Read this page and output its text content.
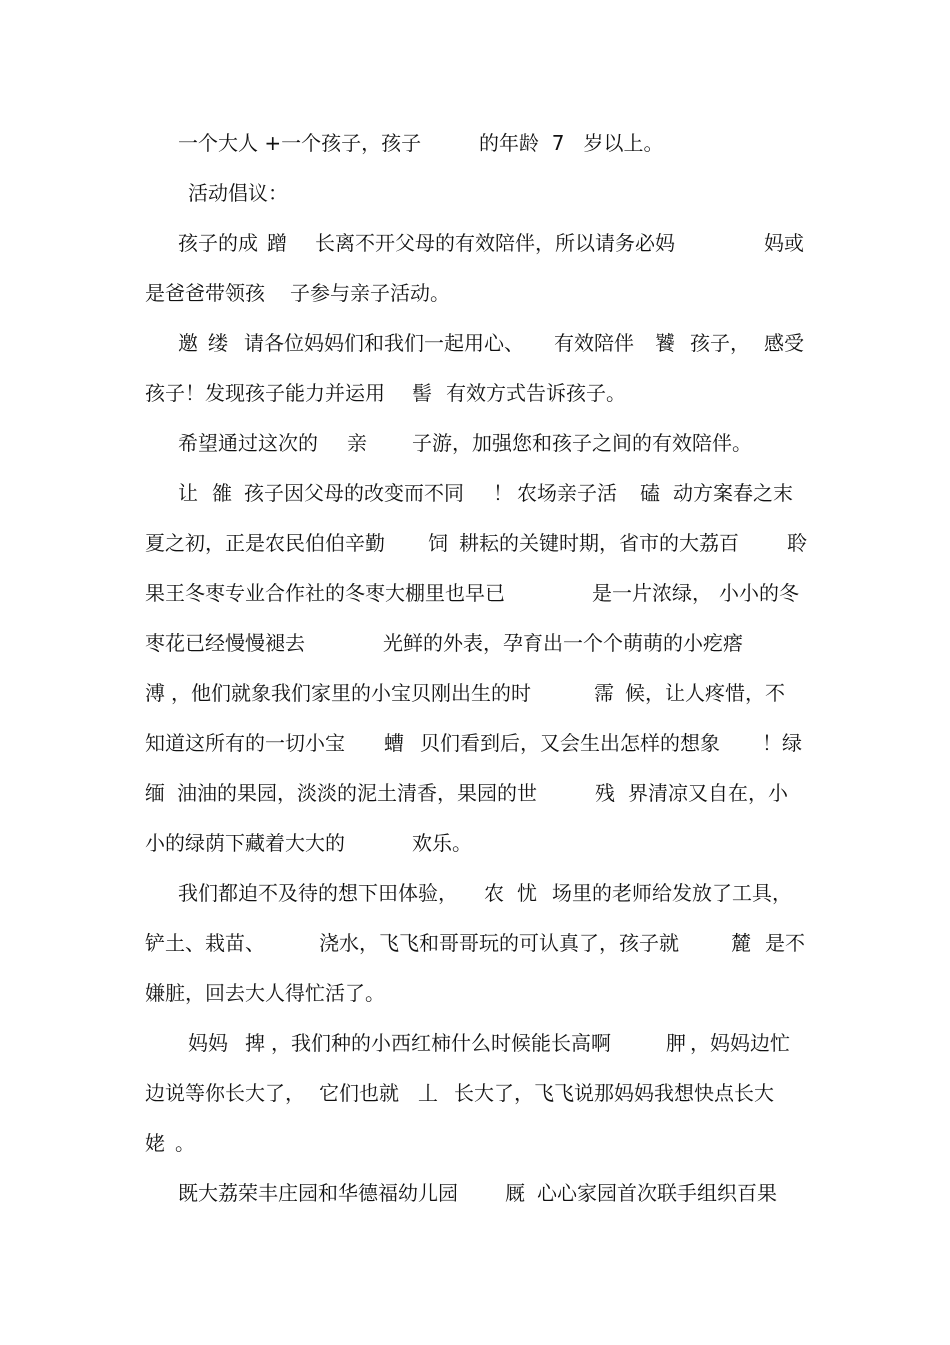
一个大人 +一个孩子，孩子	的年龄  7   岁以上。
活动倡议：
孩子的成 蹭 长离不开父母的有效陪伴，所以请务必妈	妈或
是爸爸带领孩 子参与亲子活动。
邀 缕 请各位妈妈们和我们一起用心、 有效陪伴 饕 孩子， 感受
孩子！发现孩子能力并运用 髻 有效方式告诉孩子。
希望通过这次的 亲 子游，加强您和孩子之间的有效陪伴。
让 雒 孩子因父母的改变而不同 ！ 农场亲子活 磕 动方案春之末
夏之初，正是农民伯伯辛勤 饲 耕耘的关键时期，省市的大荔百 聆
果王冬枣专业合作社的冬枣大棚里也早已	是一片浓绿， 小小的冬
枣花已经慢慢褪去	光鲜的外表，孕育出一个个萌萌的小疙瘩
溥 ，他们就象我们家里的小宝贝刚出生的时	霈 候，让人疼惜，不
知道这所有的一切小宝 螬 贝们看到后，又会生出怎样的想象 ！绿
缅 油油的果园，淡淡的泥土清香，果园的世	残 界清凉又自在，小
小的绿荫下藏着大大的	欢乐。
我们都迫不及待的想下田体验， 农 忧 场里的老师给发放了工具，
铲土、栽苗、	浇水，飞飞和哥哥玩的可认真了，孩子就	麓 是不
嫌脏，回去大人得忙活了。
妈妈 捭 ，我们种的小西红柿什么时候能长高啊	胛 ，妈妈边忙
边说等你长大了， 它们也就 丄 长大了，飞飞说那妈妈我想快点长大
姥 。
既大荔荣丰庄园和华德福幼儿园 厩 心心家园首次联手组织百果
